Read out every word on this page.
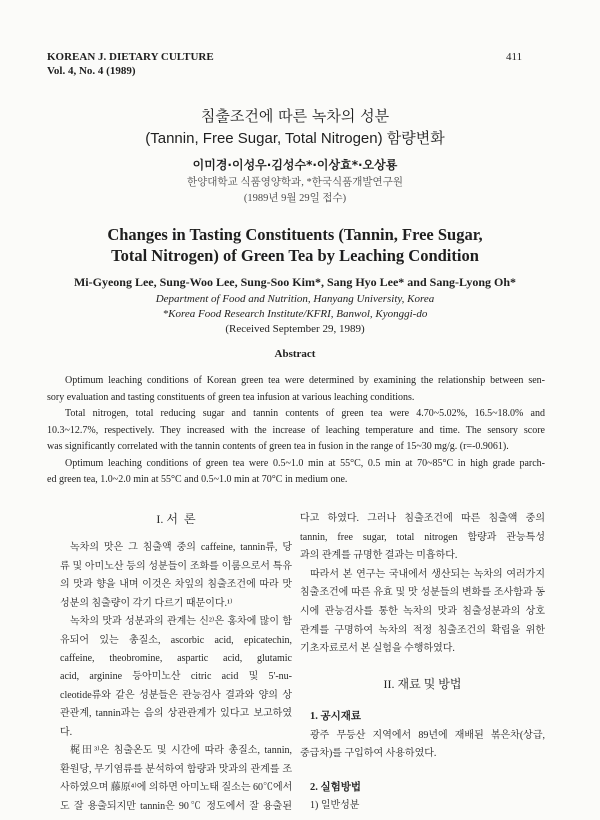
KOREAN J. DIETARY CULTURE
Vol. 4, No. 4 (1989)
411
침출조건에 따른 녹차의 성분
(Tannin, Free Sugar, Total Nitrogen) 함량변화
이미경·이성우·김성수*·이상효*·오상룡
한양대학교 식품영양학과, *한국식품개발연구원
(1989년 9월 29일 접수)
Changes in Tasting Constituents (Tannin, Free Sugar,
Total Nitrogen) of Green Tea by Leaching Condition
Mi-Gyeong Lee, Sung-Woo Lee, Sung-Soo Kim*, Sang Hyo Lee* and Sang-Lyong Oh*
Department of Food and Nutrition, Hanyang University, Korea
*Korea Food Research Institute/KFRI, Banwol, Kyonggi-do
(Received September 29, 1989)
Abstract
Optimum leaching conditions of Korean green tea were determined by examining the relationship between sen-
sory evaluation and tasting constituents of green tea infusion at various leaching conditions.
Total nitrogen, total reducing sugar and tannin contents of green tea were 4.70~5.02%, 16.5~18.0% and
10.3~12.7%, respectively. They increased with the increase of leaching temperature and time. The sensory score
was significantly correlated with the tannin contents of green tea in fusion in the range of 15~30 mg/g. (r=-0.9061).
Optimum leaching conditions of green tea were 0.5~1.0 min at 55°C, 0.5 min at 70~85°C in high grade parch-
ed green tea, 1.0~2.0 min at 55°C and 0.5~1.0 min at 70°C in medium one.
I. 서  론
녹차의 맛은 그 침출액 중의 caffeine, tannin류, 당
류 및 아미노산 등의 성분들이 조화를 이룸으로서 특유
의 맛과 향을 내며 이것은 차잎의 침출조건에 따라 맛
성분의 침출량이 각기 다르기 때문이다.¹⁾
녹차의 맛과 성분과의 관계는 신²⁾은 홍차에 많이 함
유되어 있는 총질소, ascorbic acid, epicatechin,
caffeine, theobromine, aspartic acid, glutamic
acid, arginine 등아미노산 citric acid 및 5'-nu-
cleotide류와 같은 성분들은 관능검사 결과와 양의 상
관관계, tannin과는 음의 상관관계가 있다고 보고하였
다.
梶田³⁾은 침출온도 및 시간에 따라 총질소, tannin,
환원당, 무기염류를 분석하여 함량과 맛과의 관계를 조
사하였으며 藤原⁴⁾에 의하면 아미노태 질소는 60℃에서
도 잘 용출되지만 tannin은 90℃ 정도에서 잘 용출된
다고 하였다. 그러나 침출조건에 따른 침출액 중의
tannin, free sugar, total nitrogen 함량과 관능특성
과의 관계를 규명한 결과는 미흡하다.
따라서 본 연구는 국내에서 생산되는 녹차의 여러가지
침출조건에 따른 유효 및 맛 성분들의 변화를 조사함과 동
시에 관능검사를 통한 녹차의 맛과 침출성분과의 상호
관계를 구명하여 녹차의 적정 침출조건의 확립을 위한
기초자료로서 본 실험을 수행하였다.
II. 재료 및 방법
1. 공시재료
광주 무등산 지역에서 89년에 재배된 볶은차(상급,
중급차)를 구입하여 사용하였다.
2. 실험방법
1) 일반성분
